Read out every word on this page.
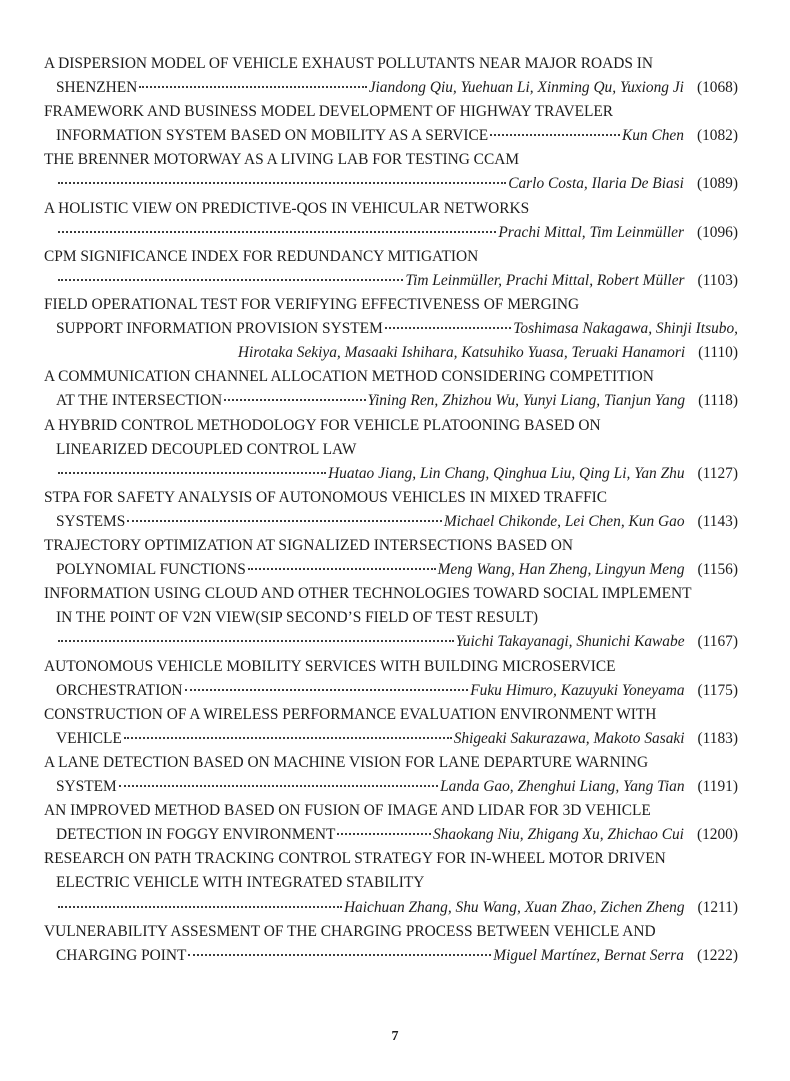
A DISPERSION MODEL OF VEHICLE EXHAUST POLLUTANTS NEAR MAJOR ROADS IN
SHENZHEN	Jiandong Qiu, Yuehuan Li, Xinming Qu, Yuxiong Ji (1068)
FRAMEWORK AND BUSINESS MODEL DEVELOPMENT OF HIGHWAY TRAVELER
INFORMATION SYSTEM BASED ON MOBILITY AS A SERVICE	Kun Chen (1082)
THE BRENNER MOTORWAY AS A LIVING LAB FOR TESTING CCAM
Carlo Costa, Ilaria De Biasi (1089)
A HOLISTIC VIEW ON PREDICTIVE-QOS IN VEHICULAR NETWORKS
Prachi Mittal, Tim Leinmüller (1096)
CPM SIGNIFICANCE INDEX FOR REDUNDANCY MITIGATION
Tim Leinmüller, Prachi Mittal, Robert Müller (1103)
FIELD OPERATIONAL TEST FOR VERIFYING EFFECTIVENESS OF MERGING
SUPPORT INFORMATION PROVISION SYSTEM	Toshimasa Nakagawa, Shinji Itsubo,
Hirotaka Sekiya, Masaaki Ishihara, Katsuhiko Yuasa, Teruaki Hanamori (1110)
A COMMUNICATION CHANNEL ALLOCATION METHOD CONSIDERING COMPETITION
AT THE INTERSECTION	Yining Ren, Zhizhou Wu, Yunyi Liang, Tianjun Yang (1118)
A HYBRID CONTROL METHODOLOGY FOR VEHICLE PLATOONING BASED ON
LINEARIZED DECOUPLED CONTROL LAW
Huatao Jiang, Lin Chang, Qinghua Liu, Qing Li, Yan Zhu (1127)
STPA FOR SAFETY ANALYSIS OF AUTONOMOUS VEHICLES IN MIXED TRAFFIC
SYSTEMS	Michael Chikonde, Lei Chen, Kun Gao (1143)
TRAJECTORY OPTIMIZATION AT SIGNALIZED INTERSECTIONS BASED ON
POLYNOMIAL FUNCTIONS	Meng Wang, Han Zheng, Lingyun Meng (1156)
INFORMATION USING CLOUD AND OTHER TECHNOLOGIES TOWARD SOCIAL IMPLEMENT
IN THE POINT OF V2N VIEW(SIP SECOND’S FIELD OF TEST RESULT)
Yuichi Takayanagi, Shunichi Kawabe (1167)
AUTONOMOUS VEHICLE MOBILITY SERVICES WITH BUILDING MICROSERVICE
ORCHESTRATION	Fuku Himuro, Kazuyuki Yoneyama (1175)
CONSTRUCTION OF A WIRELESS PERFORMANCE EVALUATION ENVIRONMENT WITH
VEHICLE	Shigeaki Sakurazawa, Makoto Sasaki (1183)
A LANE DETECTION BASED ON MACHINE VISION FOR LANE DEPARTURE WARNING
SYSTEM	Landa Gao, Zhenghui Liang, Yang Tian (1191)
AN IMPROVED METHOD BASED ON FUSION OF IMAGE AND LIDAR FOR 3D VEHICLE
DETECTION IN FOGGY ENVIRONMENT	Shaokang Niu, Zhigang Xu, Zhichao Cui (1200)
RESEARCH ON PATH TRACKING CONTROL STRATEGY FOR IN-WHEEL MOTOR DRIVEN
ELECTRIC VEHICLE WITH INTEGRATED STABILITY
Haichuan Zhang, Shu Wang, Xuan Zhao, Zichen Zheng (1211)
VULNERABILITY ASSESMENT OF THE CHARGING PROCESS BETWEEN VEHICLE AND
CHARGING POINT	Miguel Martínez, Bernat Serra (1222)
7
